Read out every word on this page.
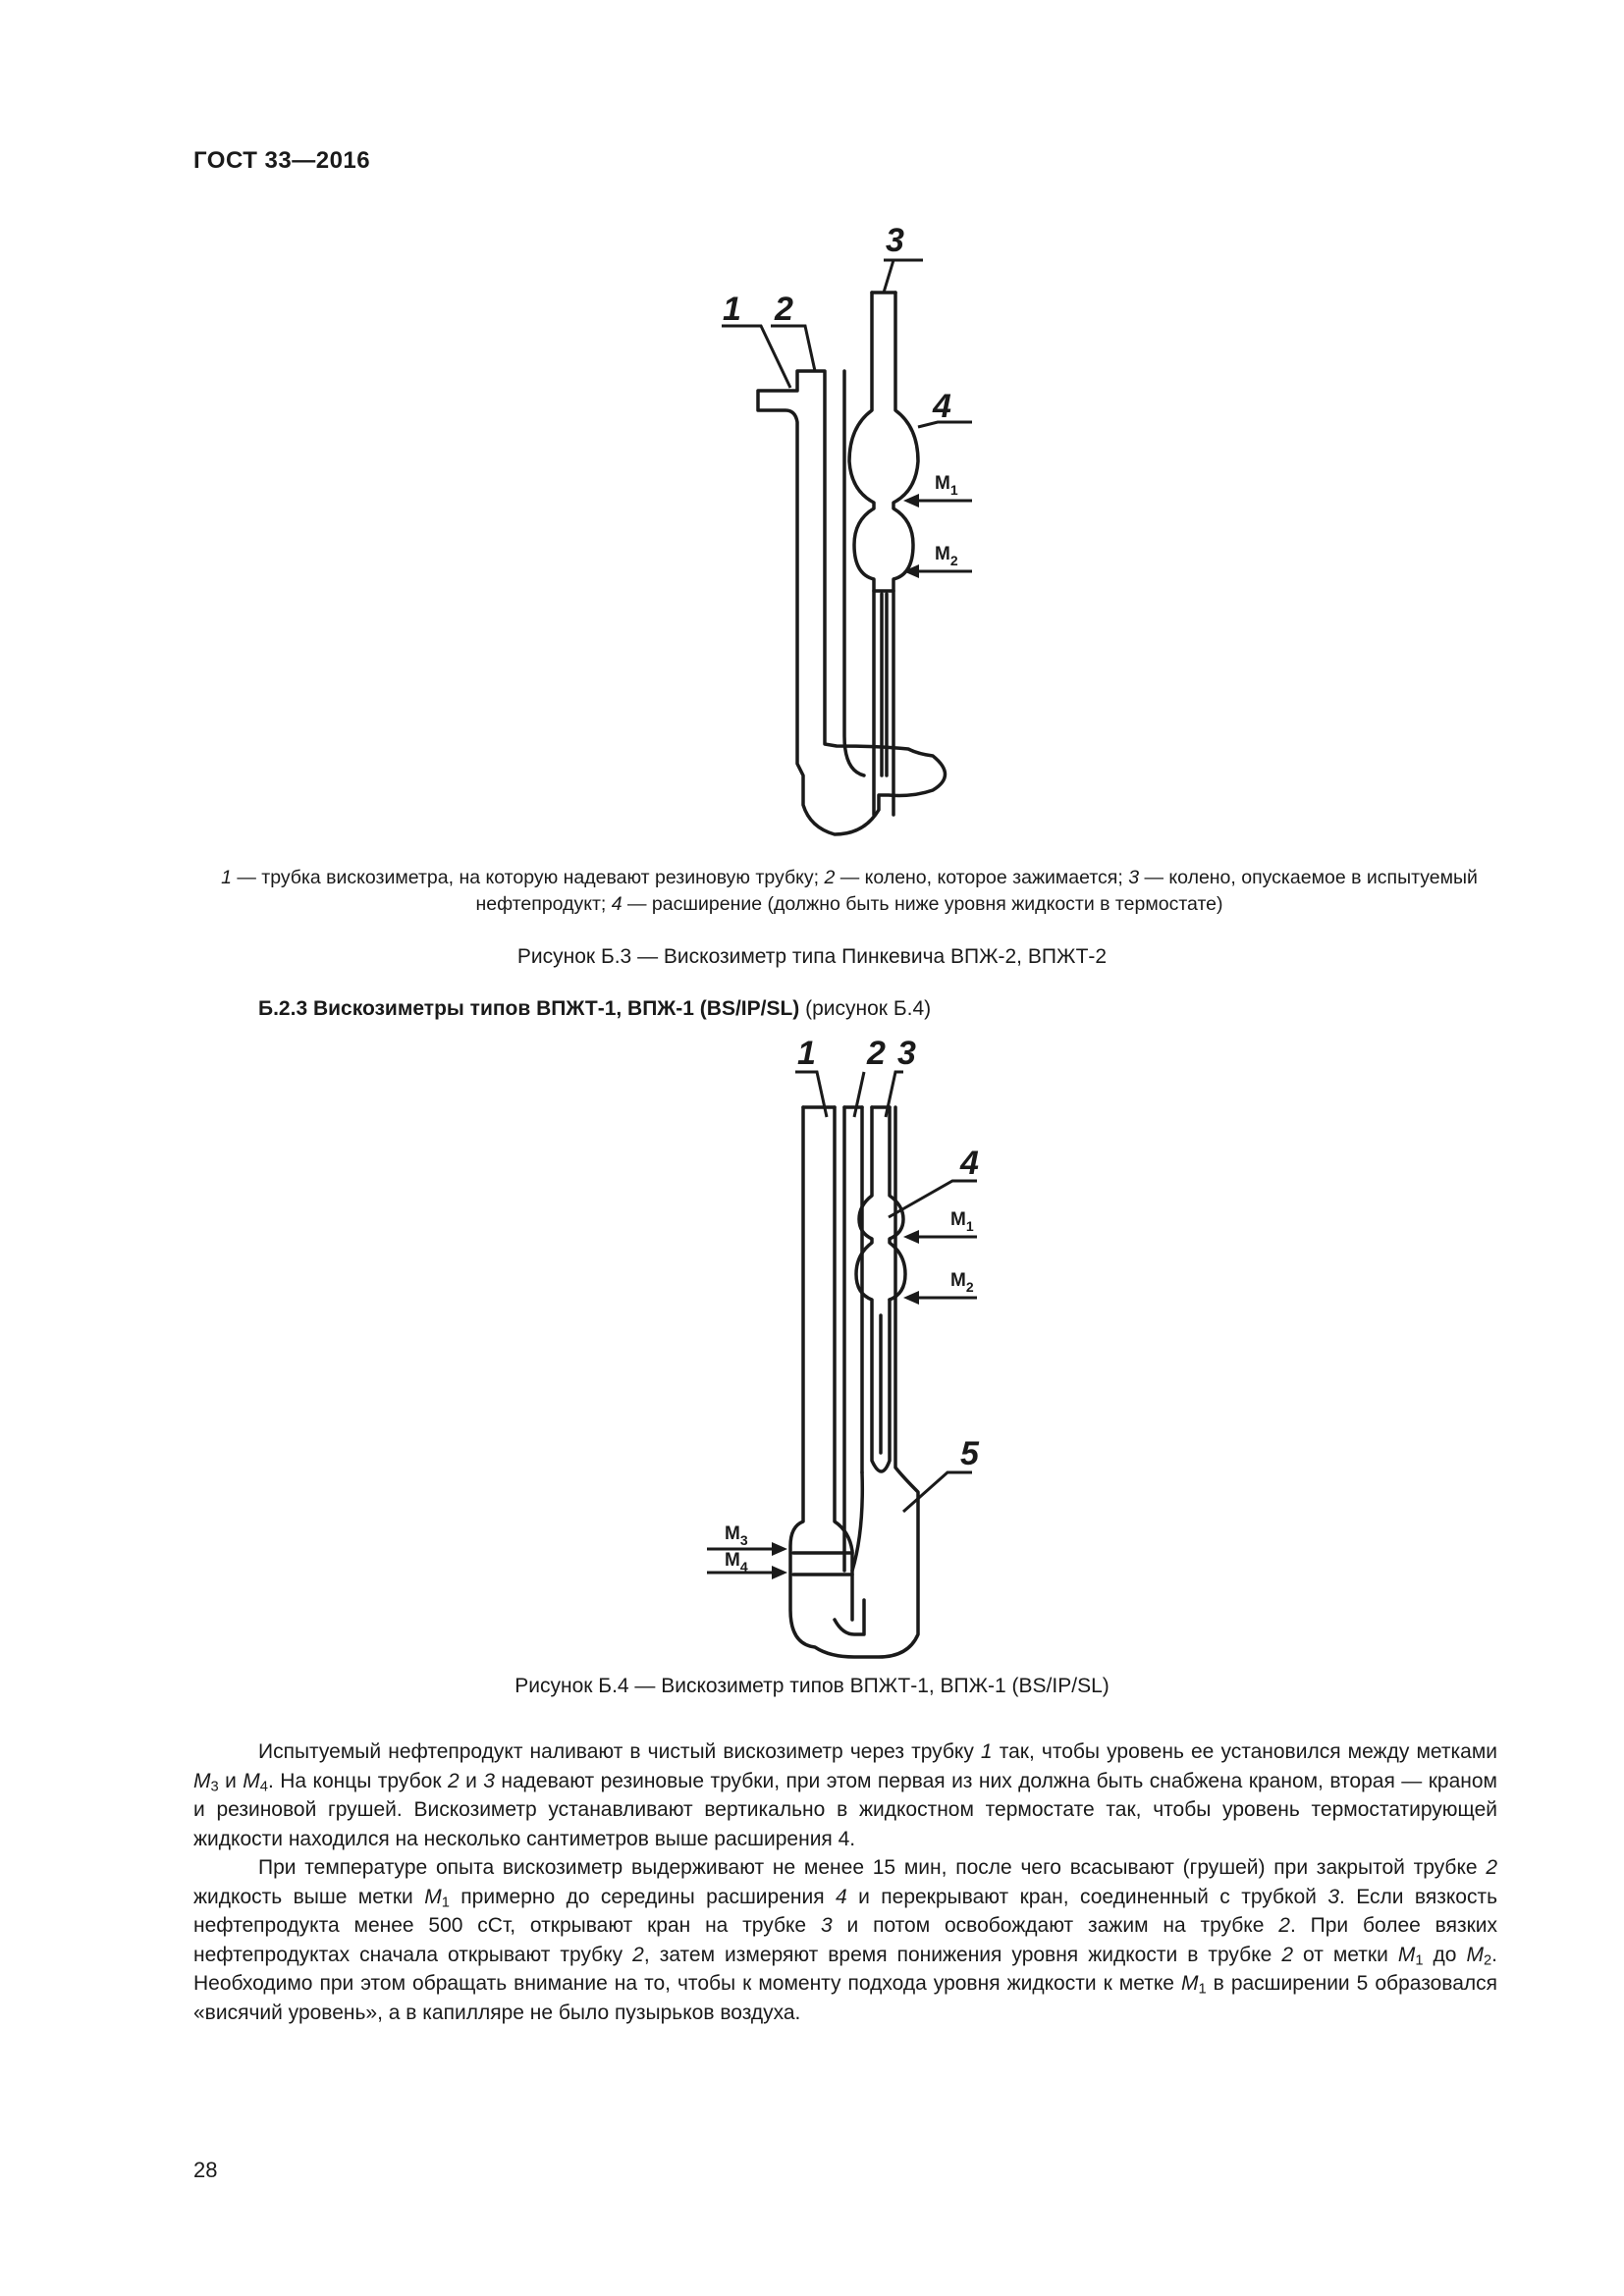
ГОСТ 33—2016
1 2
3
4
$M_1$
$M_2$
1 — трубка вискозиметра, на которую надевают резиновую трубку; 2 — колено, которое зажимается; 3 — колено, опускаемое в испытуемый нефтепродукт; 4 — расширение (должно быть ниже уровня жидкости в термостате)
Рисунок Б.3 — Вискозиметр типа Пинкевича ВПЖ-2, ВПЖТ-2
Б.2.3 Вискозиметры типов ВПЖТ-1, ВПЖ-1 (BS/IP/SL) (рисунок Б.4)
1 2 3
4
5
$M_1$
$M_2$
$M_3$
$M_4$
Рисунок Б.4 — Вискозиметр типов ВПЖТ-1, ВПЖ-1 (BS/IP/SL)

Испытуемый нефтепродукт наливают в чистый вискозиметр через трубку 1 так, чтобы уровень ее установился между метками $M_3$ и $M_4$. На концы трубок 2 и 3 надевают резиновые трубки, при этом первая из них должна быть снабжена краном, вторая — краном и резиновой грушей. Вискозиметр устанавливают вертикально в жидкостном термостате так, чтобы уровень термостатирующей жидкости находился на несколько сантиметров выше расширения 4.

При температуре опыта вискозиметр выдерживают не менее 15 мин, после чего всасывают (грушей) при закрытой трубке 2 жидкость выше метки $M_1$ примерно до середины расширения 4 и перекрывают кран, соединенный с трубкой 3. Если вязкость нефтепродукта менее 500 сСт, открывают кран на трубке 3 и потом освобождают зажим на трубке 2. При более вязких нефтепродуктах сначала открывают трубку 2, затем измеряют время понижения уровня жидкости в трубке 2 от метки $M_1$ до $M_2$. Необходимо при этом обращать внимание на то, чтобы к моменту подхода уровня жидкости к метке $M_1$ в расширении 5 образовался «висячий уровень», а в капилляре не было пузырьков воздуха.

28
